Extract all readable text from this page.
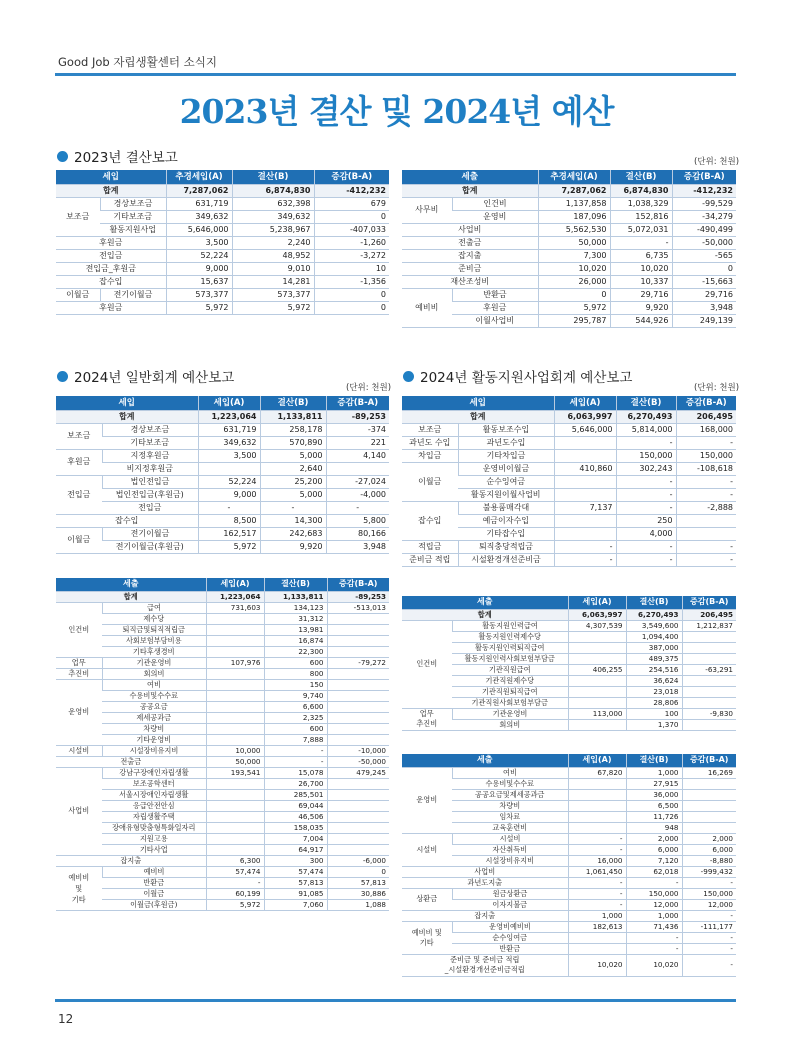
Good Job 자립생활센터 소식지
2023년 결산 및 2024년 예산
2023년 결산보고	(단위: 천원)
세입		추경세입(A)	결산(B)	증감(B-A)
합계		7,287,062	6,874,830	-412,232
보조금	경상보조금	631,719	632,398	679
	기타보조금	349,632	349,632	0
	활동지원사업	5,646,000	5,238,967	-407,033
후원금		3,500	2,240	-1,260
전입금		52,224	48,952	-3,272
전입금_후원금		9,000	9,010	10
잡수입		15,637	14,281	-1,356
이월금	전기이월금	573,377	573,377	0
후원금		5,972	5,972	0
세출		추경세입(A)	결산(B)	증감(B-A)
합계		7,287,062	6,874,830	-412,232
사무비	인건비	1,137,858	1,038,329	-99,529
	운영비	187,096	152,816	-34,279
사업비		5,562,530	5,072,031	-490,499
전출금		50,000	-	-50,000
잡지출		7,300	6,735	-565
준비금		10,020	10,020	0
재산조성비		26,000	10,337	-15,663
예비비	반환금	0	29,716	29,716
	후원금	5,972	9,920	3,948
	이월사업비	295,787	544,926	249,139
2024년 일반회계 예산보고
(단위: 천원)
2024년 활동지원사업회계 예산보고
(단위: 천원)
세입		세입(A)	결산(B)	증감(B-A)
합계		1,223,064	1,133,811	-89,253
보조금	경상보조금	631,719	258,178	-374
	기타보조금	349,632	570,890	221
후원금	지정후원금	3,500	5,000	4,140
	비지정후원금		2,640	
전입금	법인전입금	52,224	25,200	-27,024
	법인전입금(후원금)	9,000	5,000	-4,000
	전입금	-	-	-
잡수입		8,500	14,300	5,800
이월금	전기이월금	162,517	242,683	80,166
	전기이월금(후원금)	5,972	9,920	3,948
세출		세입(A)	결산(B)	증감(B-A)
합계		1,223,064	1,133,811	-89,253
인건비	급여	731,603	134,123	-513,013
	제수당		31,312	
	퇴직금및퇴직적립금		13,981	
	사회보험부담비용		16,874	
	기타후생경비		22,300	
업무	기관운영비	107,976	600	-79,272
추진비	회의비		800	
운영비	여비		150	
	수용비및수수료		9,740	
	공공요금		6,600	
	제세공과금		2,325	
	차량비		600	
	기타운영비		7,888	
시설비	시설장비유지비	10,000	-	-10,000
전출금		50,000	-	-50,000
사업비	강남구장애인자립생활	193,541	15,078	479,245
	보조공학센터		26,700	
	서울시장애인자립생활		285,501	
	응급안전안심		69,044	
	자립생활주택		46,506	
	장애유형맞춤형특화일자리		158,035	
	지원고용		7,004	
	기타사업		64,917	
잡지출		6,300	300	-6,000
예비비
및
기타	예비비	57,474	57,474	0
	반환금	-	57,813	57,813
	이월금	60,199	91,085	30,886
	이월금(후원금)	5,972	7,060	1,088
세입		세입(A)	결산(B)	증감(B-A)
합계		6,063,997	6,270,493	206,495
보조금	활동보조수입	5,646,000	5,814,000	168,000
과년도 수입	과년도수입		-	-
차입금	기타차입금		150,000	150,000
이월금	운영비이월금	410,860	302,243	-108,618
	순수잉여금		-	-
	활동지원이월사업비		-	-
잡수입	불용품매각대	7,137	-	-2,888
	예금이자수입		250	
	기타잡수입		4,000	
적립금	퇴직충당적립금	-	-	-
준비금 적립	시설환경개선준비금	-	-	-
세출		세입(A)	결산(B)	증감(B-A)
합계		6,063,997	6,270,493	206,495
인건비	활동지원인력급여	4,307,539	3,549,600	1,212,837
	활동지원인력제수당		1,094,400	
	활동지원인력퇴직급여		387,000	
	활동지원인력사회보험부담금		489,375	
	기관직원급여	406,255	254,516	-63,291
	기관직원제수당		36,624	
	기관직원퇴직급여		23,018	
	기관직원사회보험부담금		28,806	
업무
추진비	기관운영비	113,000	100	-9,830
	회의비		1,370	
세출		세입(A)	결산(B)	증감(B-A)
운영비	여비	67,820	1,000	16,269
	수용비및수수료		27,915	
	공공요금및제세공과금		36,000	
	차량비		6,500	
	임차료		11,726	
	교육훈련비		948	
시설비	시설비	-	2,000	2,000
	자산취득비	-	6,000	6,000
	시설장비유지비	16,000	7,120	-8,880
사업비		1,061,450	62,018	-999,432
과년도지출		-	-	-
상환금	원금상환금	-	150,000	150,000
	이자지불금	-	12,000	12,000
잡지출		1,000	1,000	-
예비비 및
기타	운영비예비비	182,613	71,436	-111,177
	순수잉여금		-	-
	반환금		-	-
준비금 및 준비금 적립
_시설환경개선준비금적립		10,020	10,020	-
12
